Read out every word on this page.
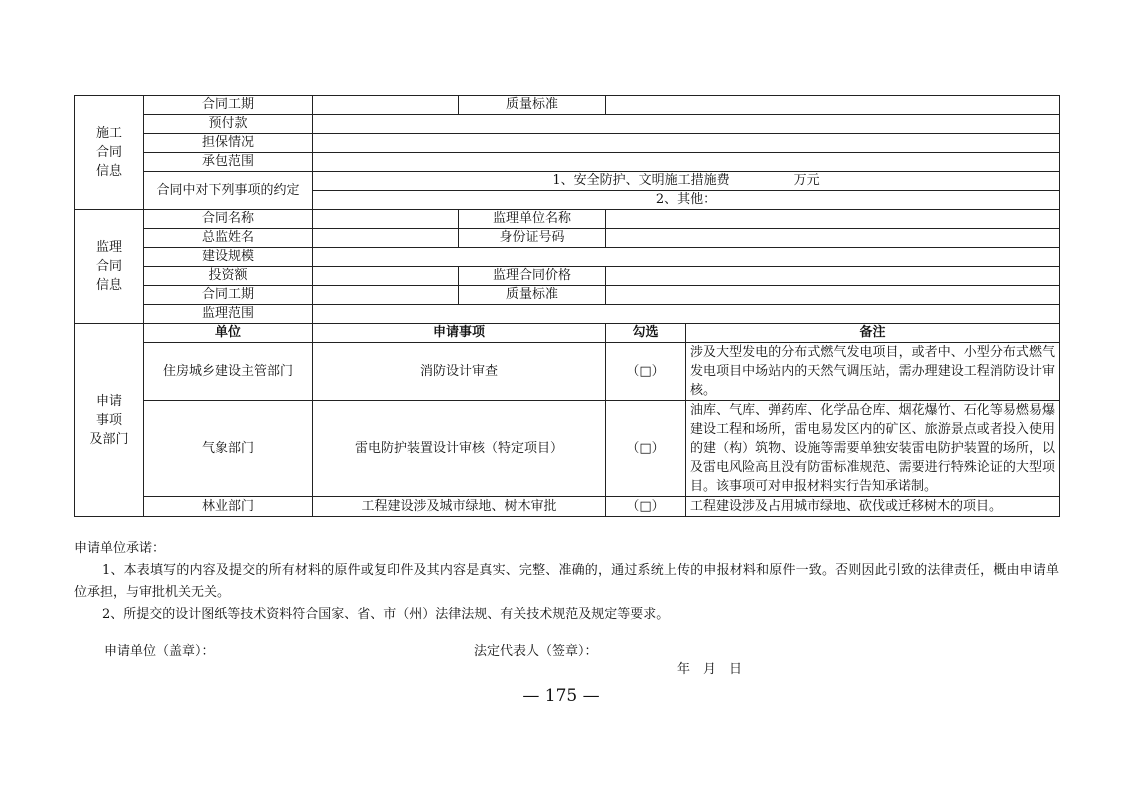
施工
合同
信息	合同工期		质量标准		
	预付款				
	担保情况				
	承包范围				
	合同中对下列事项的约定	1、安全防护、文明施工措施费 万元			
		2、其他：			
监理
合同
信息	合同名称		监理单位名称		
	总监姓名		身份证号码		
	建设规模				
	投资额		监理合同价格		
	合同工期		质量标准		
	监理范围				
申请
事项
及部门	单位	申请事项		勾选	备注
	住房城乡建设主管部门	消防设计审查		（□）	涉及大型发电的分布式燃气发电项目，或者中、小型分布式燃气发电项目中场站内的天然气调压站，需办理建设工程消防设计审核。
	气象部门	雷电防护装置设计审核（特定项目）		（□）	油库、气库、弹药库、化学品仓库、烟花爆竹、石化等易燃易爆建设工程和场所，雷电易发区内的矿区、旅游景点或者投入使用的建（构）筑物、设施等需要单独安装雷电防护装置的场所，以及雷电风险高且没有防雷标准规范、需要进行特殊论证的大型项目。该事项可对申报材料实行告知承诺制。
	林业部门	工程建设涉及城市绿地、树木审批		（□）	工程建设涉及占用城市绿地、砍伐或迁移树木的项目。

申请单位承诺：

1、本表填写的内容及提交的所有材料的原件或复印件及其内容是真实、完整、准确的，通过系统上传的申报材料和原件一致。否则因此引致的法律责任，概由申请单位承担，与审批机关无关。

2、所提交的设计图纸等技术资料符合国家、省、市（州）法律法规、有关技术规范及规定等要求。

申请单位（盖章）：	法定代表人（签章）：
年　月　日
— 175 —
